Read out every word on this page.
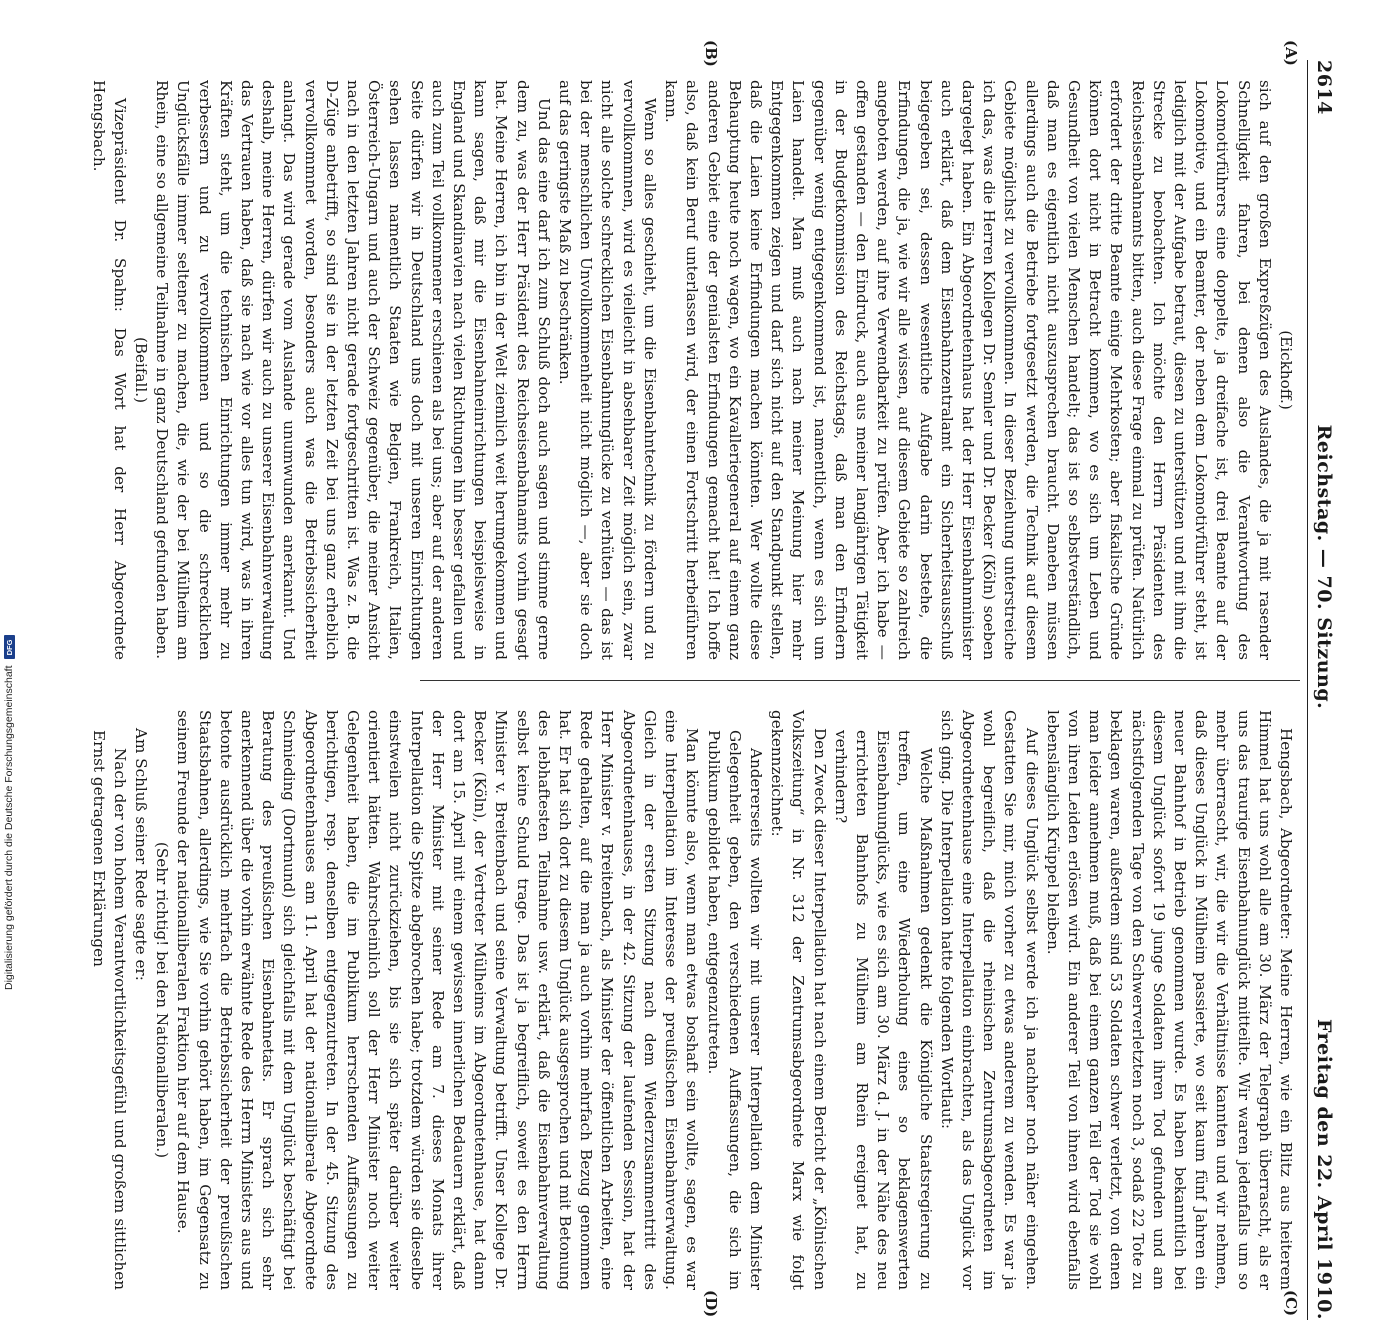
2614
Reichstag. — 70. Sitzung.
Freitag den 22. April 1910.
(A)
(B)
(C)
(D)

(Eickhoff.)

sich auf den großen Expreßzügen des Auslandes, die ja mit rasender Schnelligkeit fahren, bei denen also die Verantwortung des Lokomotivführers eine doppelte, ja dreifache ist, drei Beamte auf der Lokomotive, und ein Beamter, der neben dem Lokomotivführer steht, ist lediglich mit der Aufgabe betraut, diesen zu unterstützen und mit ihm die Strecke zu beobachten. Ich möchte den Herrn Präsidenten des Reichseisenbahnamts bitten, auch diese Frage einmal zu prüfen. Natürlich erfordert der dritte Beamte einige Mehrkosten; aber fiskalische Gründe können dort nicht in Betracht kommen, wo es sich um Leben und Gesundheit von vielen Menschen handelt; das ist so selbstverständlich, daß man es eigentlich nicht auszusprechen braucht. Daneben müssen allerdings auch die Betriebe fortgesetzt werden, die Technik auf diesem Gebiete möglichst zu vervollkommnen. In dieser Beziehung unterstreiche ich das, was die Herren Kollegen Dr. Semler und Dr. Becker (Köln) soeben dargelegt haben. Ein Abgeordnetenhaus hat der Herr Eisenbahnminister auch erklärt, daß dem Eisenbahnzentralamt ein Sicherheitsausschuß beigegeben sei, dessen wesentliche Aufgabe darin bestehe, die Erfindungen, die ja, wie wir alle wissen, auf diesem Gebiete so zahlreich angeboten werden, auf ihre Verwendbarkeit zu prüfen. Aber ich habe — offen gestanden — den Eindruck, auch aus meiner langjährigen Tätigkeit in der Budgetkommission des Reichstags, daß man den Erfindern gegenüber wenig entgegenkommend ist, namentlich, wenn es sich um Laien handelt. Man muß auch nach meiner Meinung hier mehr Entgegenkommen zeigen und darf sich nicht auf den Standpunkt stellen, daß die Laien keine Erfindungen machen könnten. Wer wollte diese Behauptung heute noch wagen, wo ein Kavalleriegeneral auf einem ganz anderen Gebiet eine der genialsten Erfindungen gemacht hat! Ich hoffe also, daß kein Beruf unterlassen wird, der einen Fortschritt herbeiführen kann.

Wenn so alles geschieht, um die Eisenbahntechnik zu fördern und zu vervollkommnen, wird es vielleicht in absehbarer Zeit möglich sein, zwar nicht alle solche schrecklichen Eisenbahnunglücke zu verhüten — das ist bei der menschlichen Unvollkommenheit nicht möglich —, aber sie doch auf das geringste Maß zu beschränken.

Und das eine darf ich zum Schluß doch auch sagen und stimme gerne dem zu, was der Herr Präsident des Reichseisenbahnamts vorhin gesagt hat. Meine Herren, ich bin in der Welt ziemlich weit herumgekommen und kann sagen, daß mir die Eisenbahneinrichtungen beispielsweise in England und Skandinavien nach vielen Richtungen hin besser gefallen und auch zum Teil vollkommener erschienen als bei uns; aber auf der anderen Seite dürfen wir in Deutschland uns doch mit unseren Einrichtungen sehen lassen namentlich Staaten wie Belgien, Frankreich, Italien, Österreich-Ungarn und auch der Schweiz gegenüber, die meiner Ansicht nach in den letzten Jahren nicht gerade fortgeschritten ist. Was z. B. die D-Züge anbetrifft, so sind sie in der letzten Zeit bei uns ganz erheblich vervollkommnet worden, besonders auch was die Betriebssicherheit anlangt. Das wird gerade vom Auslande unumwunden anerkannt. Und deshalb, meine Herren, dürfen wir auch zu unserer Eisenbahnverwaltung das Vertrauen haben, daß sie nach wie vor alles tun wird, was in ihren Kräften steht, um die technischen Einrichtungen immer mehr zu verbessern und zu vervollkommnen und so die schrecklichen Unglücksfälle immer seltener zu machen, die, wie der bei Mülheim am Rhein, eine so allgemeine Teilnahme in ganz Deutschland gefunden haben.

(Beifall.)

Vizepräsident Dr. Spahn: Das Wort hat der Herr Abgeordnete Hengsbach.

Hengsbach, Abgeordneter: Meine Herren, wie ein Blitz aus heiterem Himmel hat uns wohl alle am 30. März der Telegraph überrascht, als er uns das traurige Eisenbahnunglück mitteilte. Wir waren jedenfalls um so mehr überrascht, wir, die wir die Verhältnisse kannten und wir nehmen, daß dieses Unglück in Mülheim passierte, wo seit kaum fünf Jahren ein neuer Bahnhof in Betrieb genommen wurde. Es haben bekanntlich bei diesem Unglück sofort 19 junge Soldaten ihren Tod gefunden und am nächstfolgenden Tage von den Schwerverletzten noch 3, sodaß 22 Tote zu beklagen waren, außerdem sind 53 Soldaten schwer verletzt, von denen man leider annehmen muß, daß bei einem ganzen Teil der Tod sie wohl von ihren Leiden erlösen wird. Ein anderer Teil von ihnen wird ebenfalls lebenslänglich Krüppel bleiben.

Auf dieses Unglück selbst werde ich ja nachher noch näher eingehen. Gestatten Sie mir, mich vorher zu etwas anderem zu wenden. Es war ja wohl begreiflich, daß die rheinischen Zentrumsabgeordneten im Abgeordnetenhause eine Interpellation einbrachten, als das Unglück vor sich ging. Die Interpellation hatte folgenden Wortlaut:

Welche Maßnahmen gedenkt die Königliche Staatsregierung zu treffen, um eine Wiederholung eines so beklagenswerten Eisenbahnunglücks, wie es sich am 30. März d. J. in der Nähe des neu errichteten Bahnhofs zu Mülheim am Rhein ereignet hat, zu verhindern?

Den Zweck dieser Interpellation hat nach einem Bericht der „Kölnischen Volkszeitung“ in Nr. 312 der Zentrumsabgeordnete Marx wie folgt gekennzeichnet:

Andererseits wollten wir mit unserer Interpellation dem Minister Gelegenheit geben, den verschiedenen Auffassungen, die sich im Publikum gebildet haben, entgegenzutreten.

Man könnte also, wenn man etwas boshaft sein wollte, sagen, es war eine Interpellation im Interesse der preußischen Eisenbahnverwaltung. Gleich in der ersten Sitzung nach dem Wiederzusammentritt des Abgeordnetenhauses, in der 42. Sitzung der laufenden Session, hat der Herr Minister v. Breitenbach, als Minister der öffentlichen Arbeiten, eine Rede gehalten, auf die man ja auch vorhin mehrfach Bezug genommen hat. Er hat sich dort zu diesem Unglück ausgesprochen und mit Betonung des lebhaftesten Teilnahme usw. erklärt, daß die Eisenbahnverwaltung selbst keine Schuld trage. Das ist ja begreiflich, soweit es den Herrn Minister v. Breitenbach und seine Verwaltung betrifft. Unser Kollege Dr. Becker (Köln), der Vertreter Mülheims im Abgeordnetenhause, hat dann dort am 15. April mit einem gewissen innerlichen Bedauern erklärt, daß der Herr Minister mit seiner Rede am 7. dieses Monats ihrer Interpellation die Spitze abgebrochen habe; trotzdem würden sie dieselbe einstweilen nicht zurückziehen, bis sie sich später darüber weiter orientiert hätten. Wahrscheinlich soll der Herr Minister noch weiter Gelegenheit haben, die im Publikum herrschenden Auffassungen zu berichtigen, resp. denselben entgegenzutreten. In der 45. Sitzung des Abgeordnetenhauses am 11. April hat der nationalliberale Abgeordnete Schmieding (Dortmund) sich gleichfalls mit dem Unglück beschäftigt bei Beratung des preußischen Eisenbahnetats. Er sprach sich sehr anerkennend über die vorhin erwähnte Rede des Herrn Ministers aus und betonte ausdrücklich mehrfach die Betriebssicherheit der preußischen Staatsbahnen, allerdings, wie Sie vorhin gehört haben, im Gegensatz zu seinem Freunde der nationalliberalen Fraktion hier auf dem Hause.

(Sehr richtig! bei den Nationalliberalen.)

Am Schluß seiner Rede sagte er:

Nach der von hohem Verantwortlichkeitsgefühl und großem sittlichen Ernst getragenen Erklärungen

Digitalisierung gefördert durch die Deutsche Forschungsgemeinschaft
DFG
